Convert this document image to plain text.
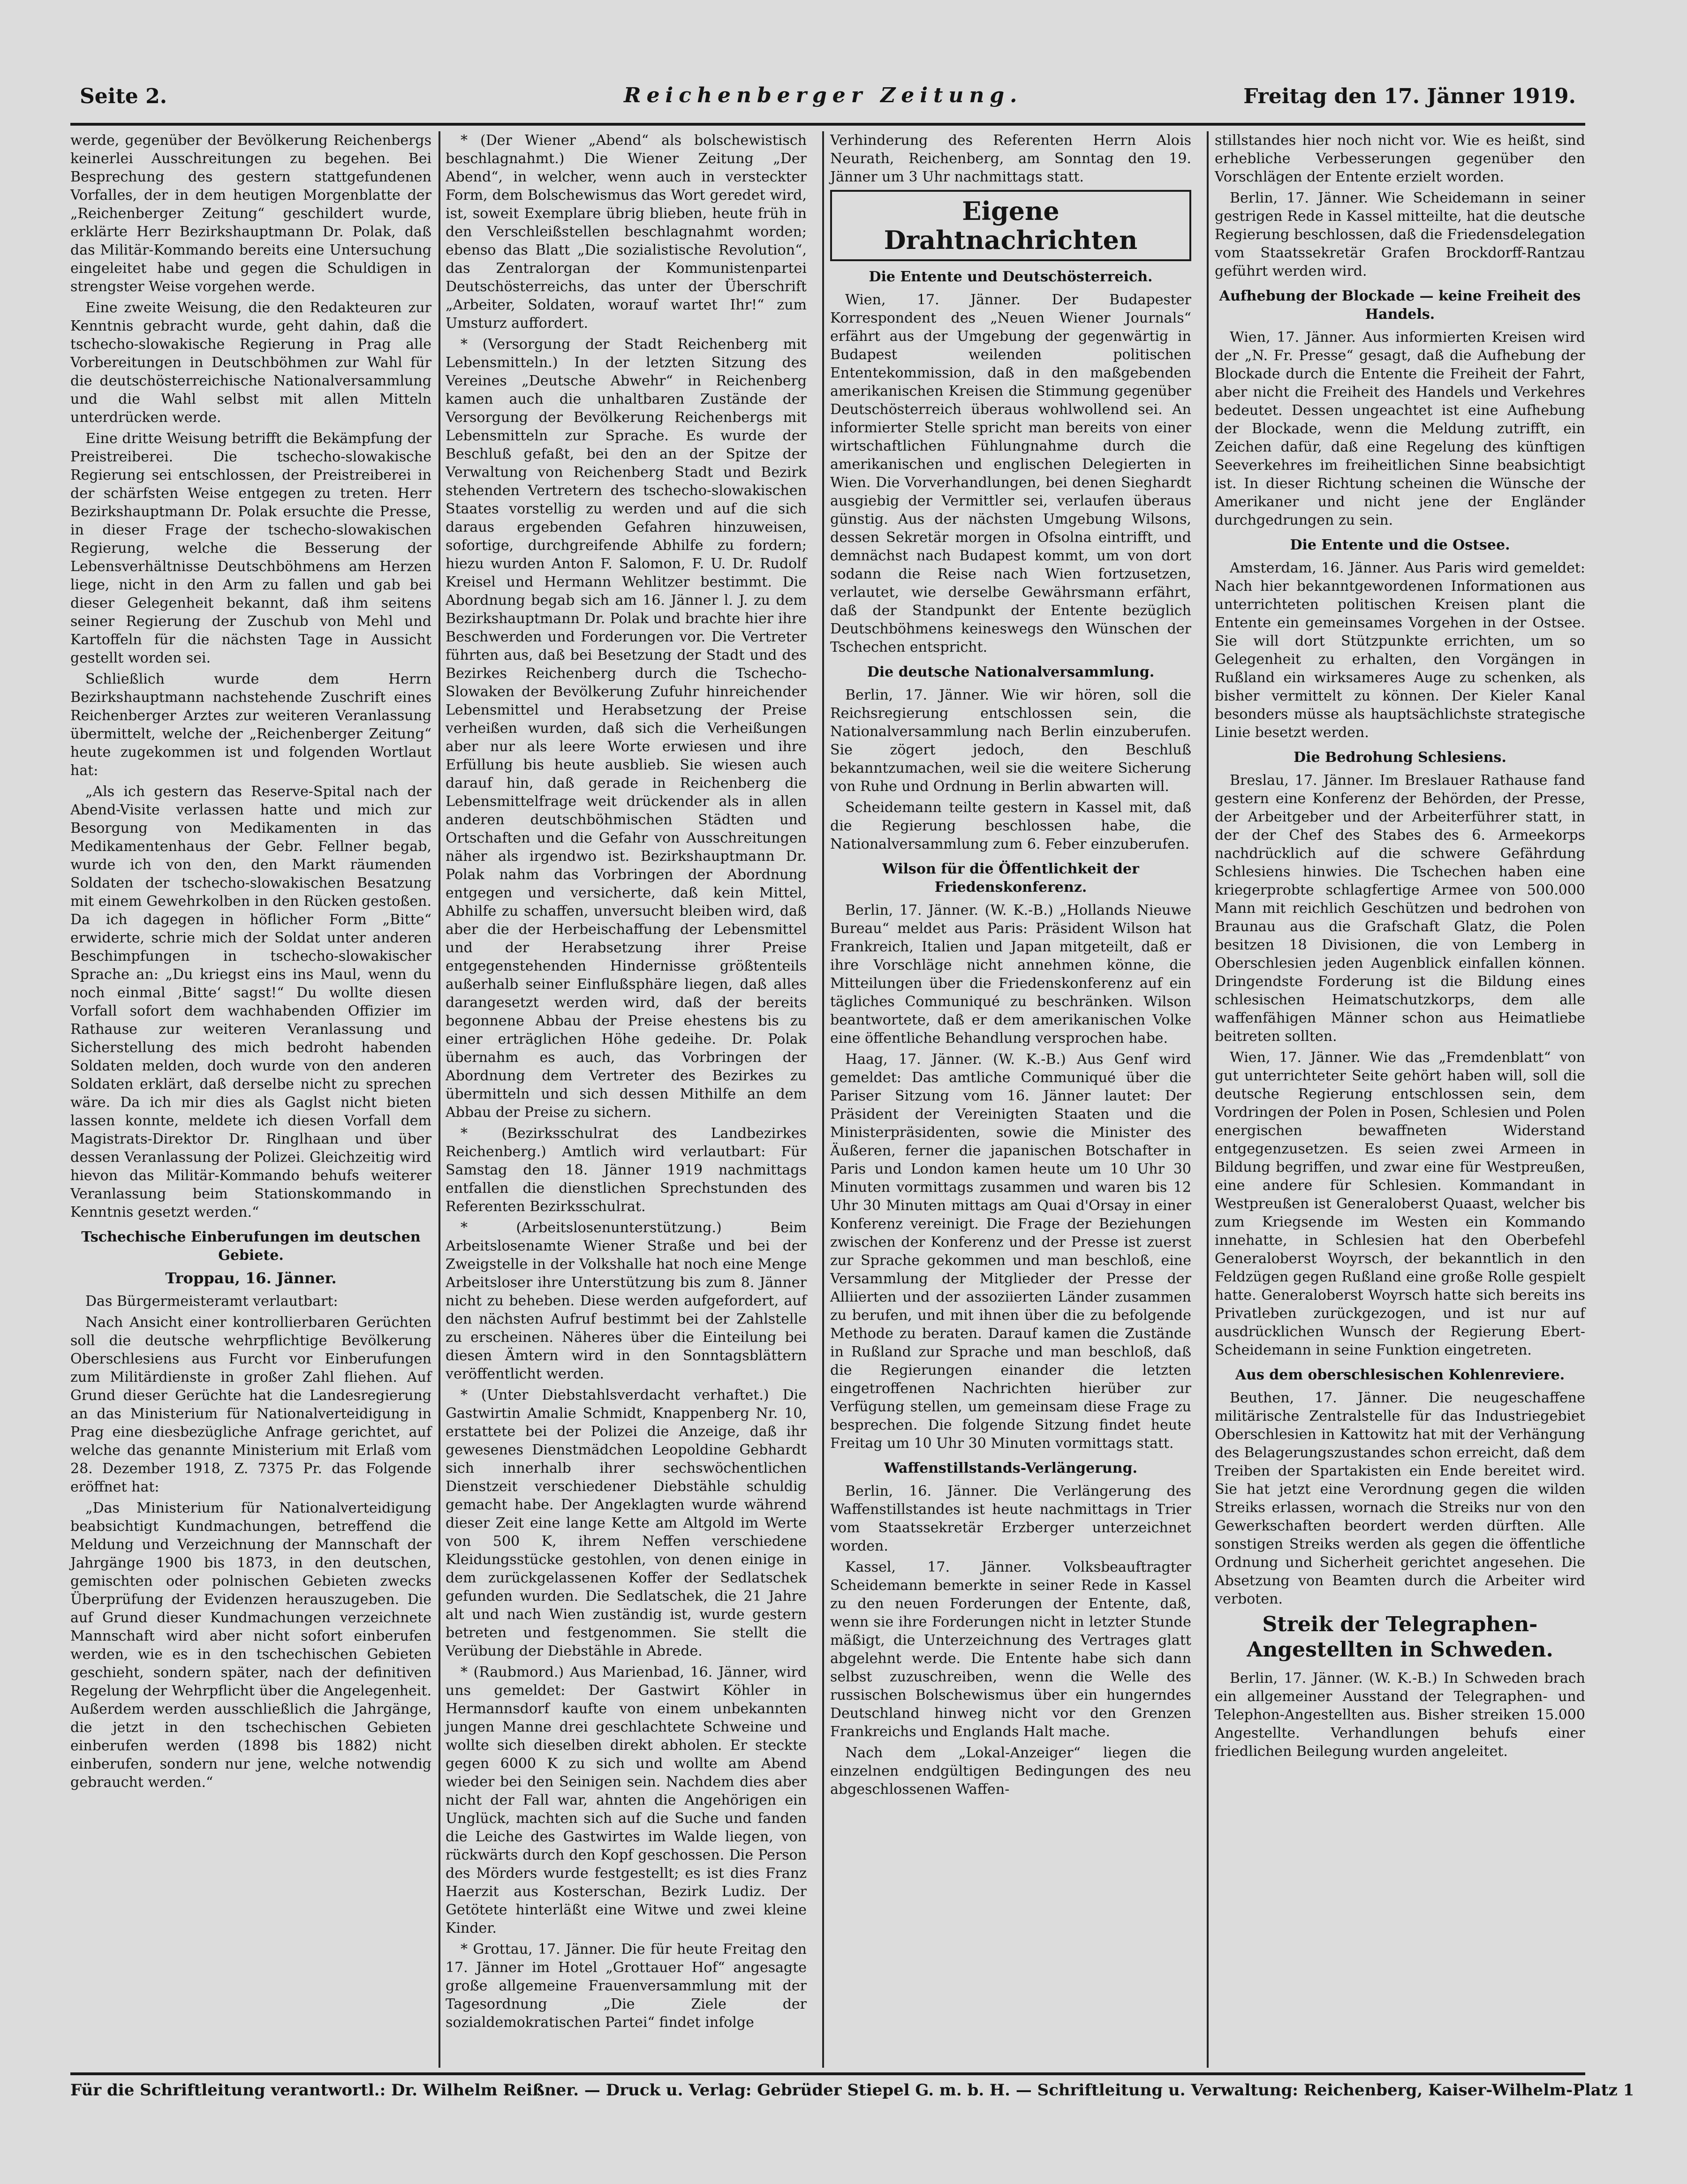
Seite 2.	Reichenberger Zeitung.	Freitag den 17. Jänner 1919.

werde, gegenüber der Bevölkerung Reichenbergs keinerlei Ausschreitungen zu begehen. Bei Besprechung des gestern stattgefundenen Vorfalles, der in dem heutigen Morgenblatte der „Reichenberger Zeitung“ geschildert wurde, erklärte Herr Bezirkshauptmann Dr. Polak, daß das Militär-Kommando bereits eine Untersuchung eingeleitet habe und gegen die Schuldigen in strengster Weise vorgehen werde.

Eine zweite Weisung, die den Redakteuren zur Kenntnis gebracht wurde, geht dahin, daß die tschecho-slowakische Regierung in Prag alle Vorbereitungen in Deutschböhmen zur Wahl für die deutschösterreichische Nationalversammlung und die Wahl selbst mit allen Mitteln unterdrücken werde.

Eine dritte Weisung betrifft die Bekämpfung der Preistreiberei. Die tschecho-slowakische Regierung sei entschlossen, der Preistreiberei in der schärfsten Weise entgegen zu treten. Herr Bezirkshauptmann Dr. Polak ersuchte die Presse, in dieser Frage der tschecho-slowakischen Regierung, welche die Besserung der Lebensverhältnisse Deutschböhmens am Herzen liege, nicht in den Arm zu fallen und gab bei dieser Gelegenheit bekannt, daß ihm seitens seiner Regierung der Zuschub von Mehl und Kartoffeln für die nächsten Tage in Aussicht gestellt worden sei.

Schließlich wurde dem Herrn Bezirkshauptmann nachstehende Zuschrift eines Reichenberger Arztes zur weiteren Veranlassung übermittelt, welche der „Reichenberger Zeitung“ heute zugekommen ist und folgenden Wortlaut hat:

„Als ich gestern das Reserve-Spital nach der Abend-Visite verlassen hatte und mich zur Besorgung von Medikamenten in das Medikamentenhaus der Gebr. Fellner begab, wurde ich von den, den Markt räumenden Soldaten der tschecho-slowakischen Besatzung mit einem Gewehrkolben in den Rücken gestoßen. Da ich dagegen in höflicher Form „Bitte“ erwiderte, schrie mich der Soldat unter anderen Beschimpfungen in tschecho-slowakischer Sprache an: „Du kriegst eins ins Maul, wenn du noch einmal ‚Bitte‘ sagst!“ Du wollte diesen Vorfall sofort dem wachhabenden Offizier im Rathause zur weiteren Veranlassung und Sicherstellung des mich bedroht habenden Soldaten melden, doch wurde von den anderen Soldaten erklärt, daß derselbe nicht zu sprechen wäre. Da ich mir dies als Gaglst nicht bieten lassen konnte, meldete ich diesen Vorfall dem Magistrats-Direktor Dr. Ringlhaan und über dessen Veranlassung der Polizei. Gleichzeitig wird hievon das Militär-Kommando behufs weiterer Veranlassung beim Stationskommando in Kenntnis gesetzt werden.“

Tschechische Einberufungen im deutschen Gebiete.
Troppau, 16. Jänner.

Das Bürgermeisteramt verlautbart:

Nach Ansicht einer kontrollierbaren Gerüchten soll die deutsche wehrpflichtige Bevölkerung Oberschlesiens aus Furcht vor Einberufungen zum Militärdienste in großer Zahl fliehen. Auf Grund dieser Gerüchte hat die Landesregierung an das Ministerium für Nationalverteidigung in Prag eine diesbezügliche Anfrage gerichtet, auf welche das genannte Ministerium mit Erlaß vom 28. Dezember 1918, Z. 7375 Pr. das Folgende eröffnet hat:

„Das Ministerium für Nationalverteidigung beabsichtigt Kundmachungen, betreffend die Meldung und Verzeichnung der Mannschaft der Jahrgänge 1900 bis 1873, in den deutschen, gemischten oder polnischen Gebieten zwecks Überprüfung der Evidenzen herauszugeben. Die auf Grund dieser Kundmachungen verzeichnete Mannschaft wird aber nicht sofort einberufen werden, wie es in den tschechischen Gebieten geschieht, sondern später, nach der definitiven Regelung der Wehrpflicht über die Angelegenheit. Außerdem werden ausschließlich die Jahrgänge, die jetzt in den tschechischen Gebieten einberufen werden (1898 bis 1882) nicht einberufen, sondern nur jene, welche notwendig gebraucht werden.“

* (Der Wiener „Abend“ als bolschewistisch beschlagnahmt.) Die Wiener Zeitung „Der Abend“, in welcher, wenn auch in versteckter Form, dem Bolschewismus das Wort geredet wird, ist, soweit Exemplare übrig blieben, heute früh in den Verschleißstellen beschlagnahmt worden; ebenso das Blatt „Die sozialistische Revolution“, das Zentralorgan der Kommunistenpartei Deutschösterreichs, das unter der Überschrift „Arbeiter, Soldaten, worauf wartet Ihr!“ zum Umsturz auffordert.

* (Versorgung der Stadt Reichenberg mit Lebensmitteln.) In der letzten Sitzung des Vereines „Deutsche Abwehr“ in Reichenberg kamen auch die unhaltbaren Zustände der Versorgung der Bevölkerung Reichenbergs mit Lebensmitteln zur Sprache. Es wurde der Beschluß gefaßt, bei den an der Spitze der Verwaltung von Reichenberg Stadt und Bezirk stehenden Vertretern des tschecho-slowakischen Staates vorstellig zu werden und auf die sich daraus ergebenden Gefahren hinzuweisen, sofortige, durchgreifende Abhilfe zu fordern; hiezu wurden Anton F. Salomon, F. U. Dr. Rudolf Kreisel und Hermann Wehlitzer bestimmt. Die Abordnung begab sich am 16. Jänner l. J. zu dem Bezirkshauptmann Dr. Polak und brachte hier ihre Beschwerden und Forderungen vor. Die Vertreter führten aus, daß bei Besetzung der Stadt und des Bezirkes Reichenberg durch die Tschecho-Slowaken der Bevölkerung Zufuhr hinreichender Lebensmittel und Herabsetzung der Preise verheißen wurden, daß sich die Verheißungen aber nur als leere Worte erwiesen und ihre Erfüllung bis heute ausblieb. Sie wiesen auch darauf hin, daß gerade in Reichenberg die Lebensmittelfrage weit drückender als in allen anderen deutschböhmischen Städten und Ortschaften und die Gefahr von Ausschreitungen näher als irgendwo ist. Bezirkshauptmann Dr. Polak nahm das Vorbringen der Abordnung entgegen und versicherte, daß kein Mittel, Abhilfe zu schaffen, unversucht bleiben wird, daß aber die der Herbeischaffung der Lebensmittel und der Herabsetzung ihrer Preise entgegenstehenden Hindernisse größtenteils außerhalb seiner Einflußsphäre liegen, daß alles darangesetzt werden wird, daß der bereits begonnene Abbau der Preise ehestens bis zu einer erträglichen Höhe gedeihe. Dr. Polak übernahm es auch, das Vorbringen der Abordnung dem Vertreter des Bezirkes zu übermitteln und sich dessen Mithilfe an dem Abbau der Preise zu sichern.

* (Bezirksschulrat des Landbezirkes Reichenberg.) Amtlich wird verlautbart: Für Samstag den 18. Jänner 1919 nachmittags entfallen die dienstlichen Sprechstunden des Referenten Bezirksschulrat.

* (Arbeitslosenunterstützung.) Beim Arbeitslosenamte Wiener Straße und bei der Zweigstelle in der Volkshalle hat noch eine Menge Arbeitsloser ihre Unterstützung bis zum 8. Jänner nicht zu beheben. Diese werden aufgefordert, auf den nächsten Aufruf bestimmt bei der Zahlstelle zu erscheinen. Näheres über die Einteilung bei diesen Ämtern wird in den Sonntagsblättern veröffentlicht werden.

* (Unter Diebstahlsverdacht verhaftet.) Die Gastwirtin Amalie Schmidt, Knappenberg Nr. 10, erstattete bei der Polizei die Anzeige, daß ihr gewesenes Dienstmädchen Leopoldine Gebhardt sich innerhalb ihrer sechswöchentlichen Dienstzeit verschiedener Diebstähle schuldig gemacht habe. Der Angeklagten wurde während dieser Zeit eine lange Kette am Altgold im Werte von 500 K, ihrem Neffen verschiedene Kleidungsstücke gestohlen, von denen einige in dem zurückgelassenen Koffer der Sedlatschek gefunden wurden. Die Sedlatschek, die 21 Jahre alt und nach Wien zuständig ist, wurde gestern betreten und festgenommen. Sie stellt die Verübung der Diebstähle in Abrede.

* (Raubmord.) Aus Marienbad, 16. Jänner, wird uns gemeldet: Der Gastwirt Köhler in Hermannsdorf kaufte von einem unbekannten jungen Manne drei geschlachtete Schweine und wollte sich dieselben direkt abholen. Er steckte gegen 6000 K zu sich und wollte am Abend wieder bei den Seinigen sein. Nachdem dies aber nicht der Fall war, ahnten die Angehörigen ein Unglück, machten sich auf die Suche und fanden die Leiche des Gastwirtes im Walde liegen, von rückwärts durch den Kopf geschossen. Die Person des Mörders wurde festgestellt; es ist dies Franz Haerzit aus Kosterschan, Bezirk Ludiz. Der Getötete hinterläßt eine Witwe und zwei kleine Kinder.

* Grottau, 17. Jänner. Die für heute Freitag den 17. Jänner im Hotel „Grottauer Hof“ angesagte große allgemeine Frauenversammlung mit der Tagesordnung „Die Ziele der sozialdemokratischen Partei“ findet infolge

Verhinderung des Referenten Herrn Alois Neurath, Reichenberg, am Sonntag den 19. Jänner um 3 Uhr nachmittags statt.

Eigene Drahtnachrichten
Die Entente und Deutschösterreich.

Wien, 17. Jänner. Der Budapester Korrespondent des „Neuen Wiener Journals“ erfährt aus der Umgebung der gegenwärtig in Budapest weilenden politischen Ententekommission, daß in den maßgebenden amerikanischen Kreisen die Stimmung gegenüber Deutschösterreich überaus wohlwollend sei. An informierter Stelle spricht man bereits von einer wirtschaftlichen Fühlungnahme durch die amerikanischen und englischen Delegierten in Wien. Die Vorverhandlungen, bei denen Sieghardt ausgiebig der Vermittler sei, verlaufen überaus günstig. Aus der nächsten Umgebung Wilsons, dessen Sekretär morgen in Ofsolna eintrifft, und demnächst nach Budapest kommt, um von dort sodann die Reise nach Wien fortzusetzen, verlautet, wie derselbe Gewährsmann erfährt, daß der Standpunkt der Entente bezüglich Deutschböhmens keineswegs den Wünschen der Tschechen entspricht.

Die deutsche Nationalversammlung.

Berlin, 17. Jänner. Wie wir hören, soll die Reichsregierung entschlossen sein, die Nationalversammlung nach Berlin einzuberufen. Sie zögert jedoch, den Beschluß bekanntzumachen, weil sie die weitere Sicherung von Ruhe und Ordnung in Berlin abwarten will.

Scheidemann teilte gestern in Kassel mit, daß die Regierung beschlossen habe, die Nationalversammlung zum 6. Feber einzuberufen.

Wilson für die Öffentlichkeit der Friedenskonferenz.

Berlin, 17. Jänner. (W. K.-B.) „Hollands Nieuwe Bureau“ meldet aus Paris: Präsident Wilson hat Frankreich, Italien und Japan mitgeteilt, daß er ihre Vorschläge nicht annehmen könne, die Mitteilungen über die Friedenskonferenz auf ein tägliches Communiqué zu beschränken. Wilson beantwortete, daß er dem amerikanischen Volke eine öffentliche Behandlung versprochen habe.

Haag, 17. Jänner. (W. K.-B.) Aus Genf wird gemeldet: Das amtliche Communiqué über die Pariser Sitzung vom 16. Jänner lautet: Der Präsident der Vereinigten Staaten und die Ministerpräsidenten, sowie die Minister des Äußeren, ferner die japanischen Botschafter in Paris und London kamen heute um 10 Uhr 30 Minuten vormittags zusammen und waren bis 12 Uhr 30 Minuten mittags am Quai d'Orsay in einer Konferenz vereinigt. Die Frage der Beziehungen zwischen der Konferenz und der Presse ist zuerst zur Sprache gekommen und man beschloß, eine Versammlung der Mitglieder der Presse der Alliierten und der assoziierten Länder zusammen zu berufen, und mit ihnen über die zu befolgende Methode zu beraten. Darauf kamen die Zustände in Rußland zur Sprache und man beschloß, daß die Regierungen einander die letzten eingetroffenen Nachrichten hierüber zur Verfügung stellen, um gemeinsam diese Frage zu besprechen. Die folgende Sitzung findet heute Freitag um 10 Uhr 30 Minuten vormittags statt.

Waffenstillstands-Verlängerung.

Berlin, 16. Jänner. Die Verlängerung des Waffenstillstandes ist heute nachmittags in Trier vom Staatssekretär Erzberger unterzeichnet worden.

Kassel, 17. Jänner. Volksbeauftragter Scheidemann bemerkte in seiner Rede in Kassel zu den neuen Forderungen der Entente, daß, wenn sie ihre Forderungen nicht in letzter Stunde mäßigt, die Unterzeichnung des Vertrages glatt abgelehnt werde. Die Entente habe sich dann selbst zuzuschreiben, wenn die Welle des russischen Bolschewismus über ein hungerndes Deutschland hinweg nicht vor den Grenzen Frankreichs und Englands Halt mache.

Nach dem „Lokal-Anzeiger“ liegen die einzelnen endgültigen Bedingungen des neu abgeschlossenen Waffen-

stillstandes hier noch nicht vor. Wie es heißt, sind erhebliche Verbesserungen gegenüber den Vorschlägen der Entente erzielt worden.

Berlin, 17. Jänner. Wie Scheidemann in seiner gestrigen Rede in Kassel mitteilte, hat die deutsche Regierung beschlossen, daß die Friedensdelegation vom Staatssekretär Grafen Brockdorff-Rantzau geführt werden wird.

Aufhebung der Blockade — keine Freiheit des Handels.

Wien, 17. Jänner. Aus informierten Kreisen wird der „N. Fr. Presse“ gesagt, daß die Aufhebung der Blockade durch die Entente die Freiheit der Fahrt, aber nicht die Freiheit des Handels und Verkehres bedeutet. Dessen ungeachtet ist eine Aufhebung der Blockade, wenn die Meldung zutrifft, ein Zeichen dafür, daß eine Regelung des künftigen Seeverkehres im freiheitlichen Sinne beabsichtigt ist. In dieser Richtung scheinen die Wünsche der Amerikaner und nicht jene der Engländer durchgedrungen zu sein.

Die Entente und die Ostsee.

Amsterdam, 16. Jänner. Aus Paris wird gemeldet: Nach hier bekanntgewordenen Informationen aus unterrichteten politischen Kreisen plant die Entente ein gemeinsames Vorgehen in der Ostsee. Sie will dort Stützpunkte errichten, um so Gelegenheit zu erhalten, den Vorgängen in Rußland ein wirksameres Auge zu schenken, als bisher vermittelt zu können. Der Kieler Kanal besonders müsse als hauptsächlichste strategische Linie besetzt werden.

Die Bedrohung Schlesiens.

Breslau, 17. Jänner. Im Breslauer Rathause fand gestern eine Konferenz der Behörden, der Presse, der Arbeitgeber und der Arbeiterführer statt, in der der Chef des Stabes des 6. Armeekorps nachdrücklich auf die schwere Gefährdung Schlesiens hinwies. Die Tschechen haben eine kriegerprobte schlagfertige Armee von 500.000 Mann mit reichlich Geschützen und bedrohen von Braunau aus die Grafschaft Glatz, die Polen besitzen 18 Divisionen, die von Lemberg in Oberschlesien jeden Augenblick einfallen können. Dringendste Forderung ist die Bildung eines schlesischen Heimatschutzkorps, dem alle waffenfähigen Männer schon aus Heimatliebe beitreten sollten.

Wien, 17. Jänner. Wie das „Fremdenblatt“ von gut unterrichteter Seite gehört haben will, soll die deutsche Regierung entschlossen sein, dem Vordringen der Polen in Posen, Schlesien und Polen energischen bewaffneten Widerstand entgegenzusetzen. Es seien zwei Armeen in Bildung begriffen, und zwar eine für Westpreußen, eine andere für Schlesien. Kommandant in Westpreußen ist Generaloberst Quaast, welcher bis zum Kriegsende im Westen ein Kommando innehatte, in Schlesien hat den Oberbefehl Generaloberst Woyrsch, der bekanntlich in den Feldzügen gegen Rußland eine große Rolle gespielt hatte. Generaloberst Woyrsch hatte sich bereits ins Privatleben zurückgezogen, und ist nur auf ausdrücklichen Wunsch der Regierung Ebert-Scheidemann in seine Funktion eingetreten.

Aus dem oberschlesischen Kohlenreviere.

Beuthen, 17. Jänner. Die neugeschaffene militärische Zentralstelle für das Industriegebiet Oberschlesien in Kattowitz hat mit der Verhängung des Belagerungszustandes schon erreicht, daß dem Treiben der Spartakisten ein Ende bereitet wird. Sie hat jetzt eine Verordnung gegen die wilden Streiks erlassen, wornach die Streiks nur von den Gewerkschaften beordert werden dürften. Alle sonstigen Streiks werden als gegen die öffentliche Ordnung und Sicherheit gerichtet angesehen. Die Absetzung von Beamten durch die Arbeiter wird verboten.

Streik der Telegraphen-Angestellten in Schweden.

Berlin, 17. Jänner. (W. K.-B.) In Schweden brach ein allgemeiner Ausstand der Telegraphen- und Telephon-Angestellten aus. Bisher streiken 15.000 Angestellte. Verhandlungen behufs einer friedlichen Beilegung wurden angeleitet.

Für die Schriftleitung verantwortl.: Dr. Wilhelm Reißner. — Druck u. Verlag: Gebrüder Stiepel G. m. b. H. — Schriftleitung u. Verwaltung: Reichenberg, Kaiser-Wilhelm-Platz 1
